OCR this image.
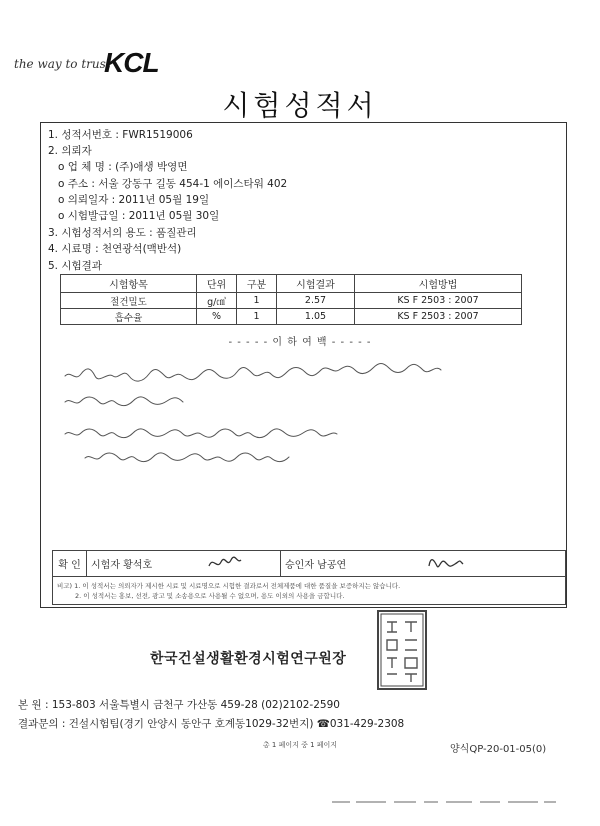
the way to trust
KCL
시험성적서
1. 성적서번호 : FWR1519006
2. 의뢰자
o 업 체 명 : (주)애생 박영면
o 주소 : 서울 강동구 길동 454-1 에이스타워 402
o 의뢰일자 : 2011년 05월 19일
o 시험발급일 : 2011년 05월 30일
3. 시험성적서의 용도 : 품질관리
4. 시료명 : 천연광석(맥반석)
5. 시험결과
시험항목	단위	구분	시험결과	시험방법
절건밀도	g/㎤	1	2.57	KS F 2503 : 2007
흡수율	%	1	1.05	KS F 2503 : 2007
- - - - - 이 하 여 백 - - - - -
확 인	시험자 황석호		승인자 남공연	

비고) 1. 이 성적서는 의뢰자가 제시한 시료 및 시료명으로 시험한 결과로서 전체제품에 대한 품질을 보증하지는 않습니다.
2. 이 성적서는 홍보, 선전, 광고 및 소송용으로 사용될 수 없으며, 용도 이외의 사용을 금합니다.
한국건설생활환경시험연구원장
본 원 : 153-803 서울특별시 금천구 가산동 459-28 (02)2102-2590
결과문의 : 건설시험팀(경기 안양시 동안구 호계동1029-32번지) ☎031-429-2308
총 1 페이지 중 1 페이지	양식QP-20-01-05(0)
